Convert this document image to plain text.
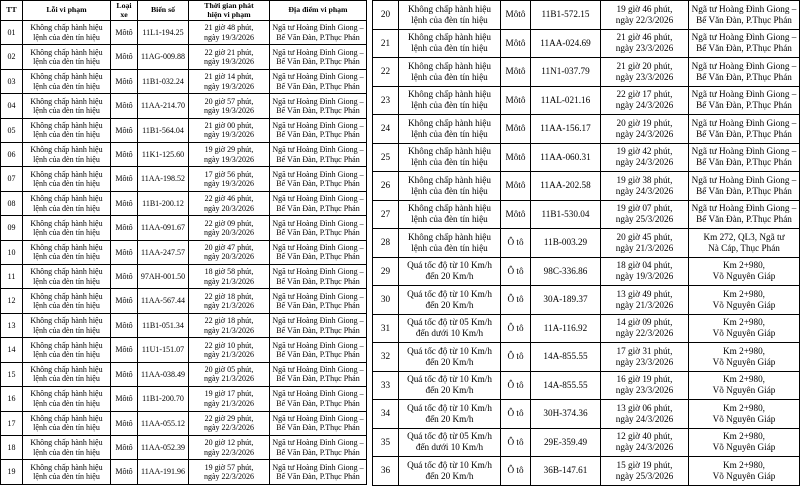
TT	Lỗi vi phạm	Loại
xe	Biển số	Thời gian phát
hiện vi phạm	Địa điểm vi phạm
01	Không chấp hành hiệu
lệnh của đèn tín hiệu	Môtô	11L1-194.25	21 giờ 48 phút,
ngày 19/3/2026	Ngã tư Hoàng Đình Giong –
Bế Văn Đàn, P.Thục Phán
02	Không chấp hành hiệu
lệnh của đèn tín hiệu	Môtô	11AG-009.88	22 giờ 21 phút,
ngày 19/3/2026	Ngã tư Hoàng Đình Giong –
Bế Văn Đàn, P.Thục Phán
03	Không chấp hành hiệu
lệnh của đèn tín hiệu	Môtô	11B1-032.24	21 giờ 14 phút,
ngày 19/3/2026	Ngã tư Hoàng Đình Giong –
Bế Văn Đàn, P.Thục Phán
04	Không chấp hành hiệu
lệnh của đèn tín hiệu	Môtô	11AA-214.70	20 giờ 57 phút,
ngày 19/3/2026	Ngã tư Hoàng Đình Giong –
Bế Văn Đàn, P.Thục Phán
05	Không chấp hành hiệu
lệnh của đèn tín hiệu	Môtô	11B1-564.04	21 giờ 00 phút,
ngày 19/3/2026	Ngã tư Hoàng Đình Giong –
Bế Văn Đàn, P.Thục Phán
06	Không chấp hành hiệu
lệnh của đèn tín hiệu	Môtô	11K1-125.60	19 giờ 29 phút,
ngày 19/3/2026	Ngã tư Hoàng Đình Giong –
Bế Văn Đàn, P.Thục Phán
07	Không chấp hành hiệu
lệnh của đèn tín hiệu	Môtô	11AA-198.52	17 giờ 56 phút,
ngày 19/3/2026	Ngã tư Hoàng Đình Giong –
Bế Văn Đàn, P.Thục Phán
08	Không chấp hành hiệu
lệnh của đèn tín hiệu	Môtô	11B1-200.12	22 giờ 46 phút,
ngày 20/3/2026	Ngã tư Hoàng Đình Giong –
Bế Văn Đàn, P.Thục Phán
09	Không chấp hành hiệu
lệnh của đèn tín hiệu	Môtô	11AA-091.67	22 giờ 09 phút,
ngày 20/3/2026	Ngã tư Hoàng Đình Giong –
Bế Văn Đàn, P.Thục Phán
10	Không chấp hành hiệu
lệnh của đèn tín hiệu	Môtô	11AA-247.57	20 giờ 47 phút,
ngày 20/3/2026	Ngã tư Hoàng Đình Giong –
Bế Văn Đàn, P.Thục Phán
11	Không chấp hành hiệu
lệnh của đèn tín hiệu	Môtô	97AH-001.50	18 giờ 58 phút,
ngày 21/3/2026	Ngã tư Hoàng Đình Giong –
Bế Văn Đàn, P.Thục Phán
12	Không chấp hành hiệu
lệnh của đèn tín hiệu	Môtô	11AA-567.44	22 giờ 18 phút,
ngày 21/3/2026	Ngã tư Hoàng Đình Giong –
Bế Văn Đàn, P.Thục Phán
13	Không chấp hành hiệu
lệnh của đèn tín hiệu	Môtô	11B1-051.34	22 giờ 18 phút,
ngày 21/3/2026	Ngã tư Hoàng Đình Giong –
Bế Văn Đàn, P.Thục Phán
14	Không chấp hành hiệu
lệnh của đèn tín hiệu	Môtô	11U1-151.07	22 giờ 10 phút,
ngày 21/3/2026	Ngã tư Hoàng Đình Giong –
Bế Văn Đàn, P.Thục Phán
15	Không chấp hành hiệu
lệnh của đèn tín hiệu	Môtô	11AA-038.49	20 giờ 05 phút,
ngày 21/3/2026	Ngã tư Hoàng Đình Giong –
Bế Văn Đàn, P.Thục Phán
16	Không chấp hành hiệu
lệnh của đèn tín hiệu	Môtô	11B1-200.70	19 giờ 17 phút,
ngày 21/3/2026	Ngã tư Hoàng Đình Giong –
Bế Văn Đàn, P.Thục Phán
17	Không chấp hành hiệu
lệnh của đèn tín hiệu	Môtô	11AA-055.12	22 giờ 29 phút,
ngày 22/3/2026	Ngã tư Hoàng Đình Giong –
Bế Văn Đàn, P.Thục Phán
18	Không chấp hành hiệu
lệnh của đèn tín hiệu	Môtô	11AA-052.39	20 giờ 12 phút,
ngày 22/3/2026	Ngã tư Hoàng Đình Giong –
Bế Văn Đàn, P.Thục Phán
19	Không chấp hành hiệu
lệnh của đèn tín hiệu	Môtô	11AA-191.96	19 giờ 57 phút,
ngày 22/3/2026	Ngã tư Hoàng Đình Giong –
Bế Văn Đàn, P.Thục Phán
20	Không chấp hành hiệu
lệnh của đèn tín hiệu	Môtô	11B1-572.15	19 giờ 46 phút,
ngày 22/3/2026	Ngã tư Hoàng Đình Giong –
Bế Văn Đàn, P.Thục Phán
21	Không chấp hành hiệu
lệnh của đèn tín hiệu	Môtô	11AA-024.69	21 giờ 46 phút,
ngày 23/3/2026	Ngã tư Hoàng Đình Giong –
Bế Văn Đàn, P.Thục Phán
22	Không chấp hành hiệu
lệnh của đèn tín hiệu	Môtô	11N1-037.79	21 giờ 20 phút,
ngày 23/3/2026	Ngã tư Hoàng Đình Giong –
Bế Văn Đàn, P.Thục Phán
23	Không chấp hành hiệu
lệnh của đèn tín hiệu	Môtô	11AL-021.16	22 giờ 17 phút,
ngày 24/3/2026	Ngã tư Hoàng Đình Giong –
Bế Văn Đàn, P.Thục Phán
24	Không chấp hành hiệu
lệnh của đèn tín hiệu	Môtô	11AA-156.17	20 giờ 19 phút,
ngày 24/3/2026	Ngã tư Hoàng Đình Giong –
Bế Văn Đàn, P.Thục Phán
25	Không chấp hành hiệu
lệnh của đèn tín hiệu	Môtô	11AA-060.31	19 giờ 42 phút,
ngày 24/3/2026	Ngã tư Hoàng Đình Giong –
Bế Văn Đàn, P.Thục Phán
26	Không chấp hành hiệu
lệnh của đèn tín hiệu	Môtô	11AA-202.58	19 giờ 38 phút,
ngày 24/3/2026	Ngã tư Hoàng Đình Giong –
Bế Văn Đàn, P.Thục Phán
27	Không chấp hành hiệu
lệnh của đèn tín hiệu	Môtô	11B1-530.04	19 giờ 07 phút,
ngày 25/3/2026	Ngã tư Hoàng Đình Giong –
Bế Văn Đàn, P.Thục Phán
28	Không chấp hành hiệu
lệnh của đèn tín hiệu	Ô tô	11B-003.29	20 giờ 45 phút,
ngày 21/3/2026	Km 272, QL3, Ngã tư
Nà Cáp, Thục Phán
29	Quá tốc độ từ 10 Km/h
đến 20 Km/h	Ô tô	98C-336.86	18 giờ 04 phút,
ngày 19/3/2026	Km 2+980,
Võ Nguyên Giáp
30	Quá tốc độ từ 10 Km/h
đến 20 Km/h	Ô tô	30A-189.37	13 giờ 49 phút,
ngày 21/3/2026	Km 2+980,
Võ Nguyên Giáp
31	Quá tốc độ từ 05 Km/h
đến dưới 10 Km/h	Ô tô	11A-116.92	14 giờ 09 phút,
ngày 22/3/2026	Km 2+980,
Võ Nguyên Giáp
32	Quá tốc độ từ 10 Km/h
đến 20 Km/h	Ô tô	14A-855.55	17 giờ 31 phút,
ngày 23/3/2026	Km 2+980,
Võ Nguyên Giáp
33	Quá tốc độ từ 10 Km/h
đến 20 Km/h	Ô tô	14A-855.55	16 giờ 19 phút,
ngày 23/3/2026	Km 2+980,
Võ Nguyên Giáp
34	Quá tốc độ từ 10 Km/h
đến 20 Km/h	Ô tô	30H-374.36	13 giờ 06 phút,
ngày 24/3/2026	Km 2+980,
Võ Nguyên Giáp
35	Quá tốc độ từ 05 Km/h
đến dưới 10 Km/h	Ô tô	29E-359.49	12 giờ 40 phút,
ngày 24/3/2026	Km 2+980,
Võ Nguyên Giáp
36	Quá tốc độ từ 10 Km/h
đến 20 Km/h	Ô tô	36B-147.61	15 giờ 19 phút,
ngày 25/3/2026	Km 2+980,
Võ Nguyên Giáp
